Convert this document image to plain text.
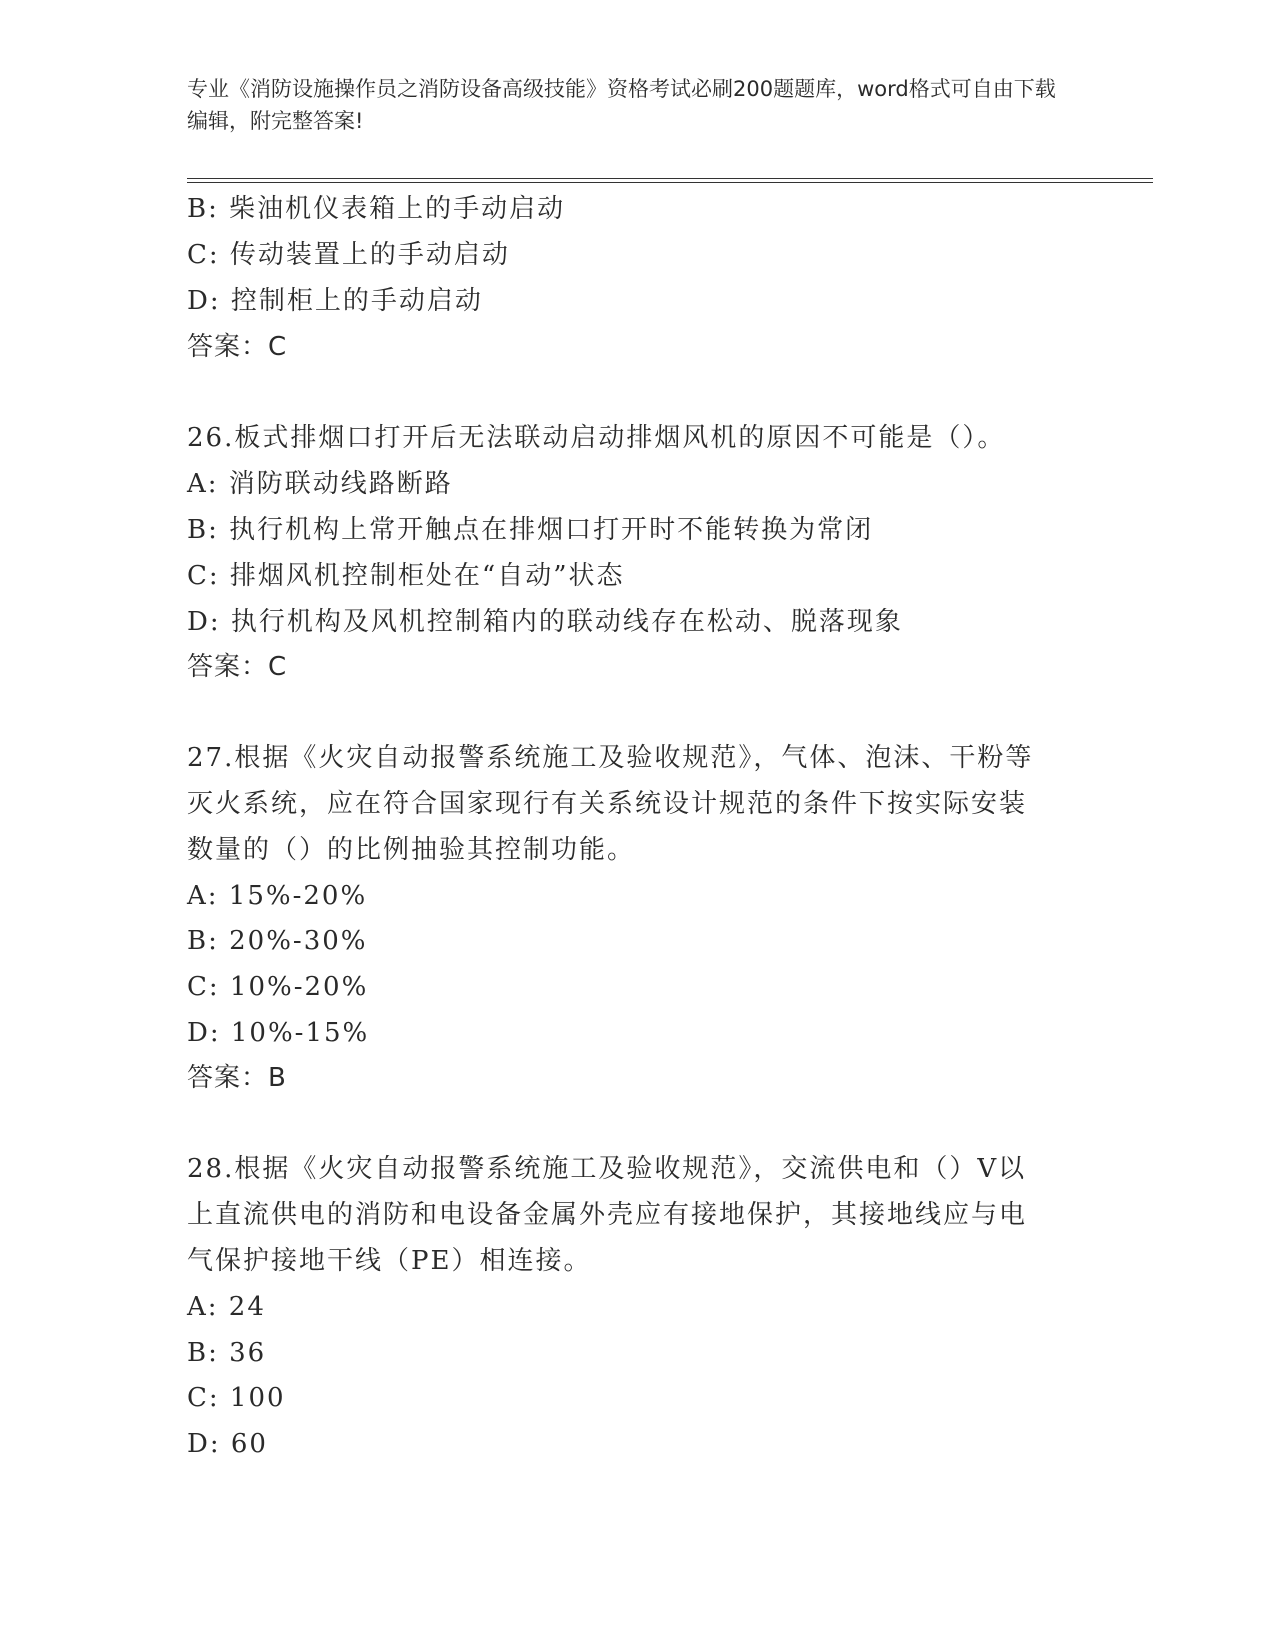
专业《消防设施操作员之消防设备高级技能》资格考试必刷200题题库，word格式可自由下载编辑，附完整答案!
B: 柴油机仪表箱上的手动启动
C: 传动装置上的手动启动
D: 控制柜上的手动启动
答案：C
26.板式排烟口打开后无法联动启动排烟风机的原因不可能是（）。
A: 消防联动线路断路
B: 执行机构上常开触点在排烟口打开时不能转换为常闭
C: 排烟风机控制柜处在“自动”状态
D: 执行机构及风机控制箱内的联动线存在松动、脱落现象
答案：C
27.根据《火灾自动报警系统施工及验收规范》，气体、泡沫、干粉等
灭火系统，应在符合国家现行有关系统设计规范的条件下按实际安装
数量的（）的比例抽验其控制功能。
A: 15%-20%
B: 20%-30%
C: 10%-20%
D: 10%-15%
答案：B
28.根据《火灾自动报警系统施工及验收规范》，交流供电和（）V以
上直流供电的消防和电设备金属外壳应有接地保护，其接地线应与电
气保护接地干线（PE）相连接。
A: 24
B: 36
C: 100
D: 60
